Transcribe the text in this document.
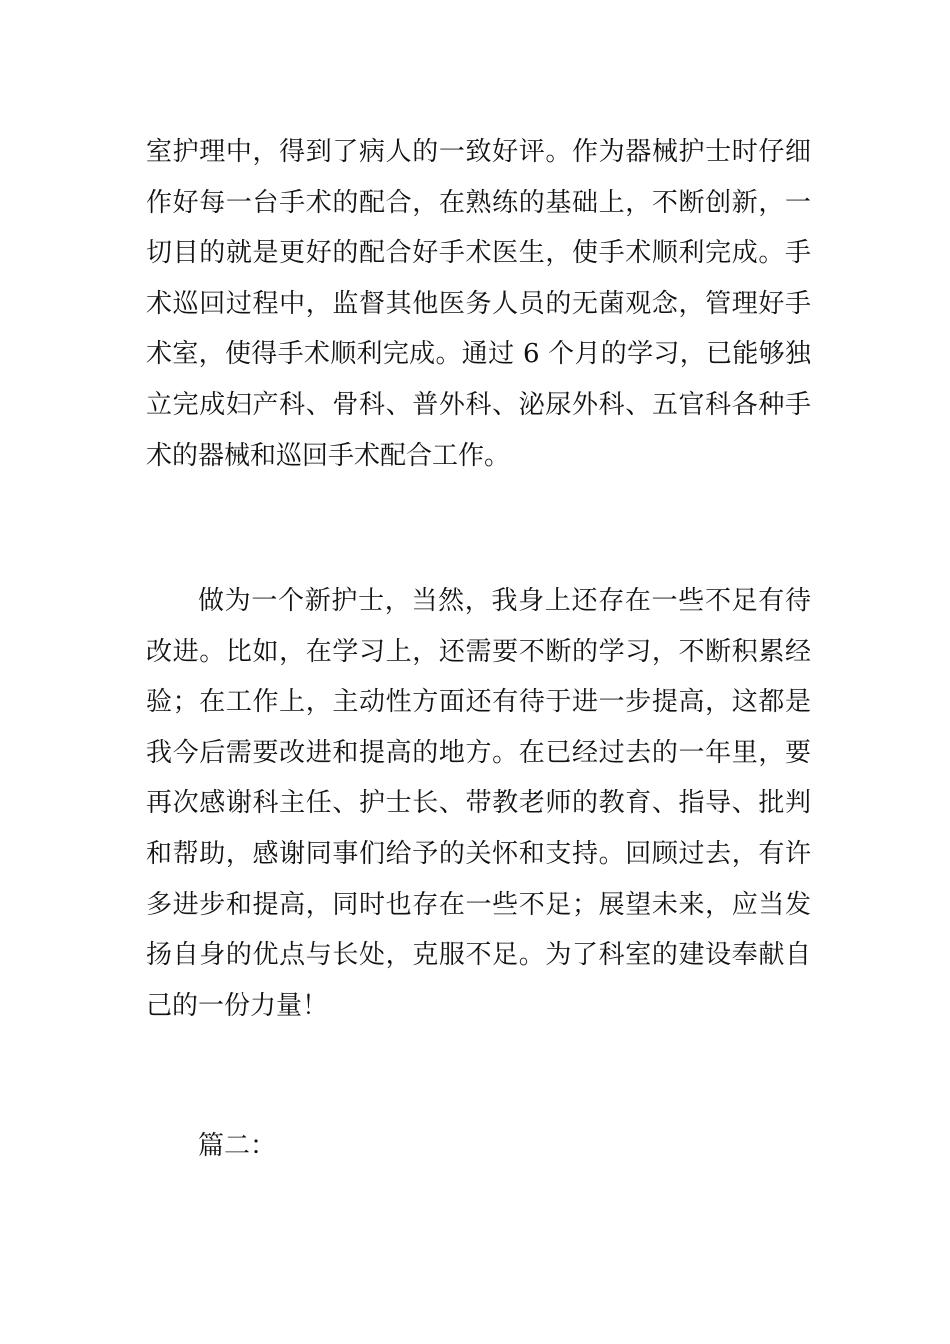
室护理中，得到了病人的一致好评。作为器械护士时仔细作好每一台手术的配合，在熟练的基础上，不断创新，一切目的就是更好的配合好手术医生，使手术顺利完成。手术巡回过程中，监督其他医务人员的无菌观念，管理好手术室，使得手术顺利完成。通过 6 个月的学习，已能够独立完成妇产科、骨科、普外科、泌尿外科、五官科各种手术的器械和巡回手术配合工作。

做为一个新护士，当然，我身上还存在一些不足有待改进。比如，在学习上，还需要不断的学习，不断积累经验；在工作上，主动性方面还有待于进一步提高，这都是我今后需要改进和提高的地方。在已经过去的一年里，要再次感谢科主任、护士长、带教老师的教育、指导、批判和帮助，感谢同事们给予的关怀和支持。回顾过去，有许多进步和提高，同时也存在一些不足；展望未来，应当发扬自身的优点与长处，克服不足。为了科室的建设奉献自己的一份力量！

篇二：
